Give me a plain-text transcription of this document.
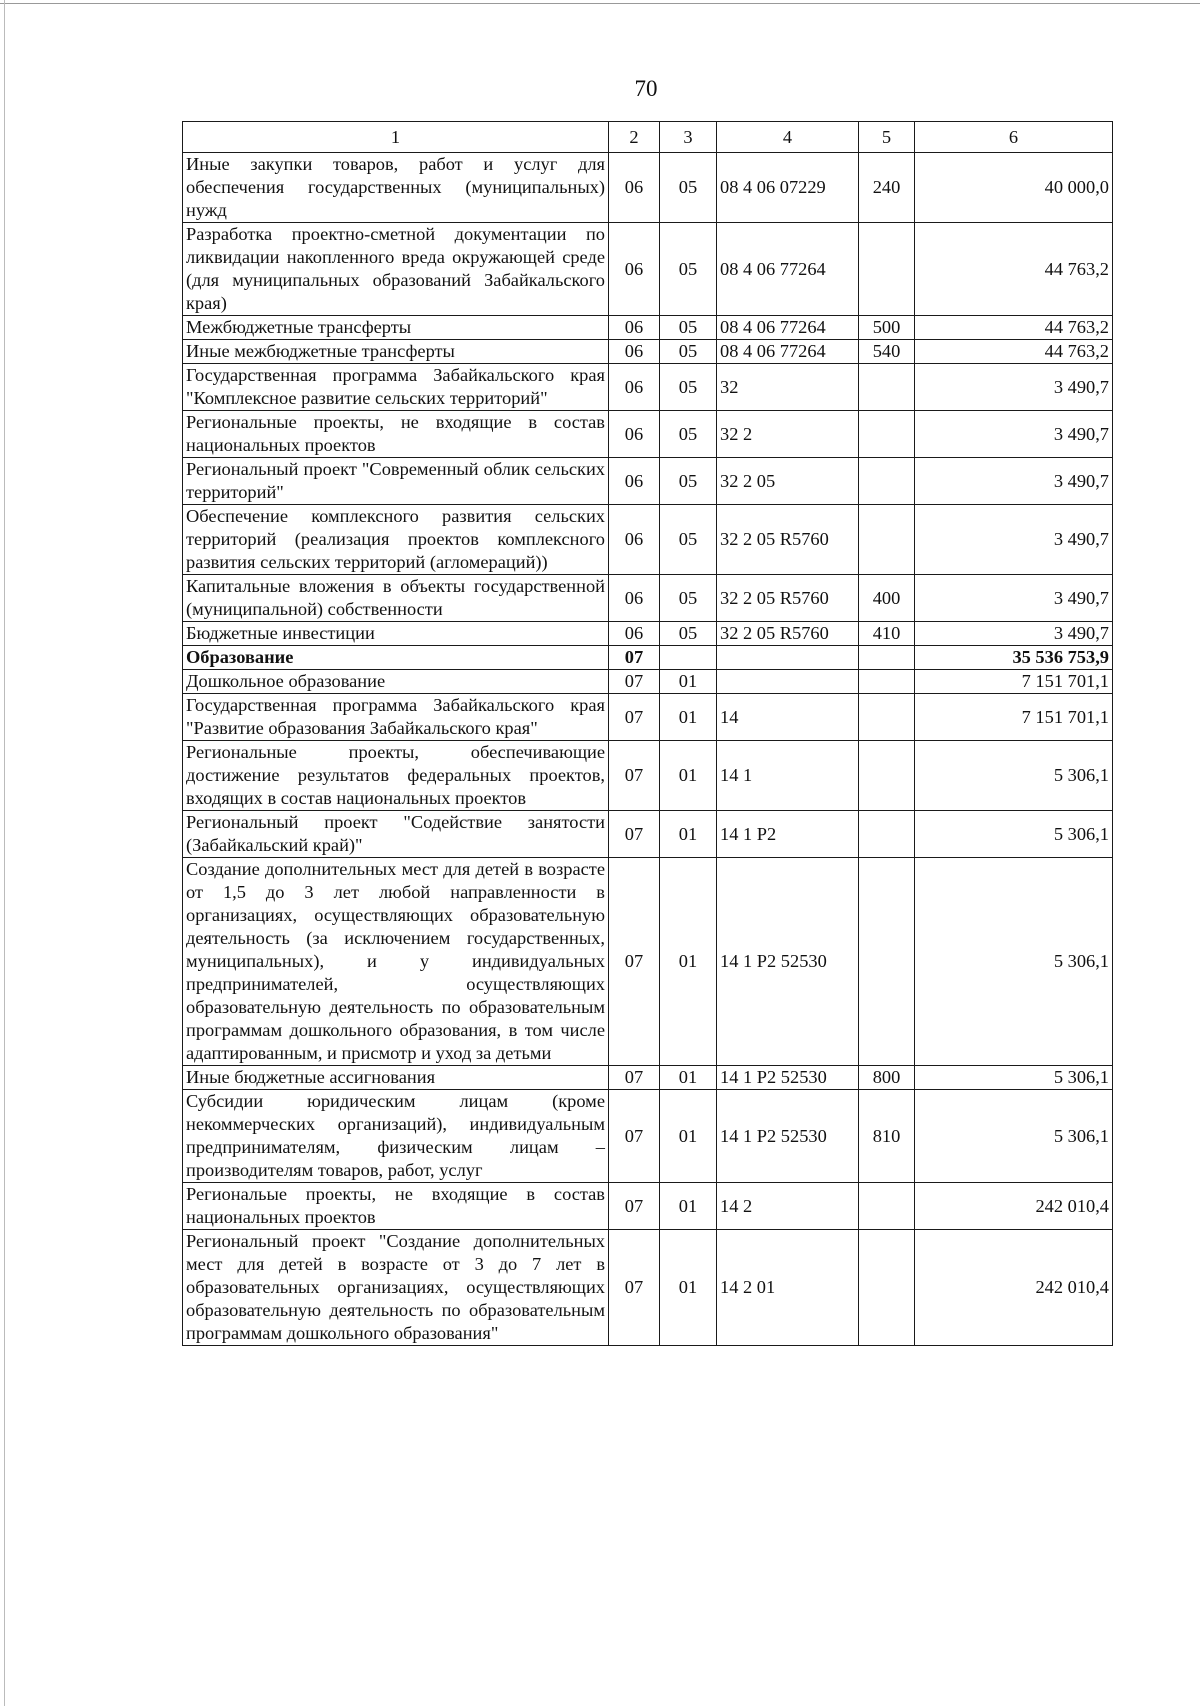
70
1	2	3	4	5	6
Иные закупки товаров, работ и услуг для обеспечения государственных (муниципальных) нужд	06	05	08 4 06 07229	240	40 000,0
Разработка проектно-сметной документации по ликвидации накопленного вреда окружающей среде (для муниципальных образований Забайкальского края)	06	05	08 4 06 77264		44 763,2
Межбюджетные трансферты	06	05	08 4 06 77264	500	44 763,2
Иные межбюджетные трансферты	06	05	08 4 06 77264	540	44 763,2
Государственная программа Забайкальского края "Комплексное развитие сельских территорий"	06	05	32		3 490,7
Региональные проекты, не входящие в состав национальных проектов	06	05	32 2		3 490,7
Региональный проект "Современный облик сельских территорий"	06	05	32 2 05		3 490,7
Обеспечение комплексного развития сельских территорий (реализация проектов комплексного развития сельских территорий (агломераций))	06	05	32 2 05 R5760		3 490,7
Капитальные вложения в объекты государственной (муниципальной) собственности	06	05	32 2 05 R5760	400	3 490,7
Бюджетные инвестиции	06	05	32 2 05 R5760	410	3 490,7
Образование	07				35 536 753,9
Дошкольное образование	07	01			7 151 701,1
Государственная программа Забайкальского края "Развитие образования Забайкальского края"	07	01	14		7 151 701,1
Региональные проекты, обеспечивающие достижение результатов федеральных проектов, входящих в состав национальных проектов	07	01	14 1		5 306,1
Региональный проект "Содействие занятости (Забайкальский край)"	07	01	14 1 P2		5 306,1
Создание дополнительных мест для детей в возрасте от 1,5 до 3 лет любой направленности в организациях, осуществляющих образовательную деятельность (за исключением государственных, муниципальных), и у индивидуальных предпринимателей, осуществляющих образовательную деятельность по образовательным программам дошкольного образования, в том числе адаптированным, и присмотр и уход за детьми	07	01	14 1 P2 52530		5 306,1
Иные бюджетные ассигнования	07	01	14 1 P2 52530	800	5 306,1
Субсидии юридическим лицам (кроме некоммерческих организаций), индивидуальным предпринимателям, физическим лицам – производителям товаров, работ, услуг	07	01	14 1 P2 52530	810	5 306,1
Региональые проекты, не входящие в состав национальных проектов	07	01	14 2		242 010,4
Региональный проект "Создание дополнительных мест для детей в возрасте от 3 до 7 лет в образовательных организациях, осуществляющих образовательную деятельность по образовательным программам дошкольного образования"	07	01	14 2 01		242 010,4
